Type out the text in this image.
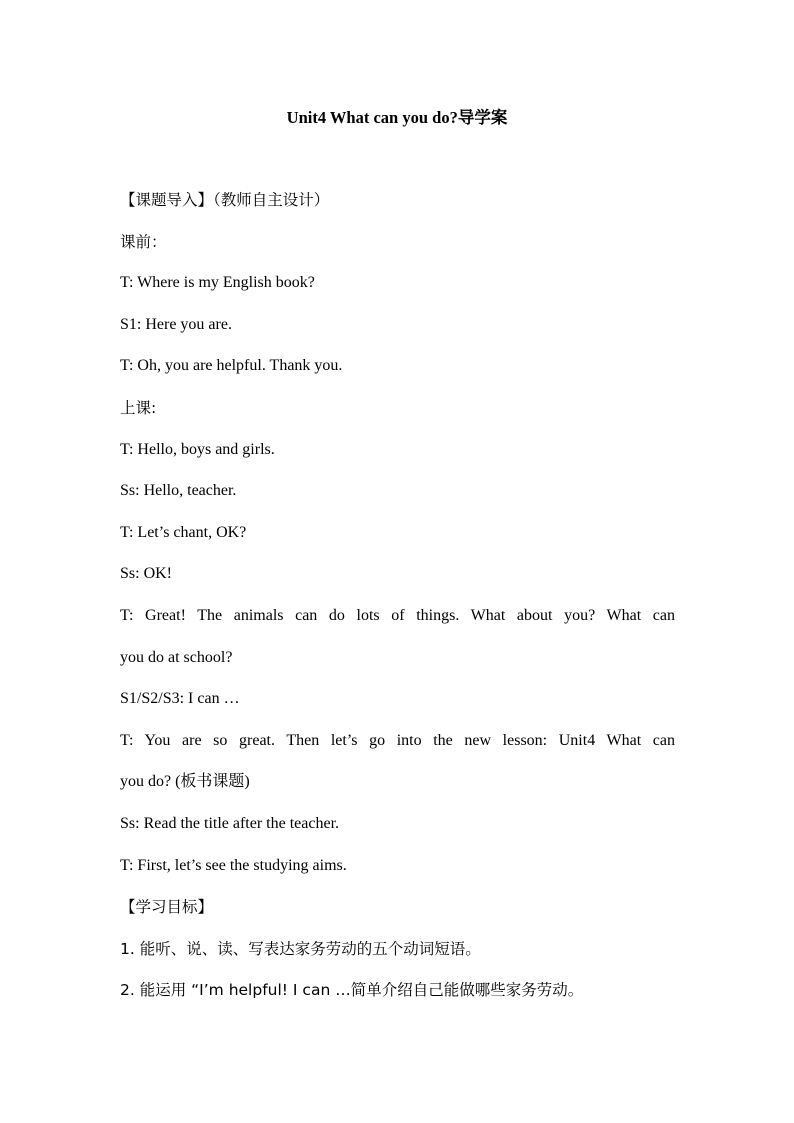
Unit4 What can you do?导学案
【课题导入】（教师自主设计）
课前：
T: Where is my English book?
S1: Here you are.
T: Oh, you are helpful. Thank you.
上课:
T: Hello, boys and girls.
Ss: Hello, teacher.
T: Let’s chant, OK?
Ss: OK!
T: Great! The animals can do lots of things. What about you? What can
you do at school?
S1/S2/S3: I can …
T: You are so great. Then let’s go into the new lesson: Unit4 What can
you do? (板书课题)
Ss: Read the title after the teacher.
T: First, let’s see the studying aims.
【学习目标】
1. 能听、说、读、写表达家务劳动的五个动词短语。
2. 能运用 “I’m helpful! I can …简单介绍自己能做哪些家务劳动。
